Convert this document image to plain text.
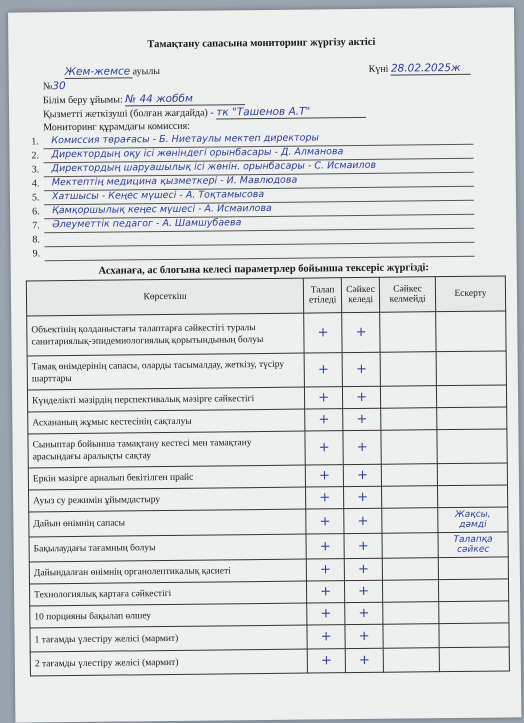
Тамақтану сапасына мониторинг жүргізу актісі
Жем-жемсе ауылы	Күні 28.02.2025ж
№30
Білім беру ұйымы: № 44 жоббм
Қызметті жеткізуші (болған жағдайда) - тк "Ташенов А.Т"
Мониторинг құрамдағы комиссия:
1. Комиссия төрағасы - Б. Ниетаулы мектеп директоры
2. Директордың оқу ісі жөніндегі орынбасары - Д. Алманова
3. Директордың шаруашылық ісі жөнін. орынбасары - С. Исмаилов
4. Мектептің медицина қызметкері - И. Мавлюдова
5. Хатшысы - Кеңес мүшесі - А. Тоқтамысова
6. Қамқоршылық кеңес мүшесі - А. Исмаилова
7. Әлеуметтік педагог - А. Шамшубаева
8.
9.
Асханаға, ас блогына келесі параметрлер бойынша тексеріс жүргізді:
Көрсеткіш	Талап етіледі	Сәйкес келеді	Сәйкес келмейді	Ескерту
Объектінің қолданыстағы талаптарға сәйкестігі туралы санитариялық-эпидемиологиялық қорытындының болуы	+	+		
Тамақ өнімдерінің сапасы, оларды тасымалдау, жеткізу, түсіру шарттары	+	+		
Күнделікті мәзірдің перспективалық мәзірге сәйкестігі	+	+		
Асхананың жұмыс кестесінің сақталуы	+	+		
Сыныптар бойынша тамақтану кестесі мен тамақтану арасындағы аралықты сақтау	+	+		
Еркін мәзірге арналып бекітілген прайс	+	+		
Ауыз су режимін ұйымдастыру	+	+		
Дайын өнімнің сапасы	+	+		Жақсы, дәмді
Бақылаудағы тағамның болуы	+	+		Талапқа сәйкес
Дайындалған өнімнің органолептикалық қасиеті	+	+		
Технологиялық картаға сәйкестігі	+	+		
10 порцияны бақылап өлшеу	+	+		
1 тағамды үлестіру желісі (мармит)	+	+		
2 тағамды үлестіру желісі (мармит)	+	+		
